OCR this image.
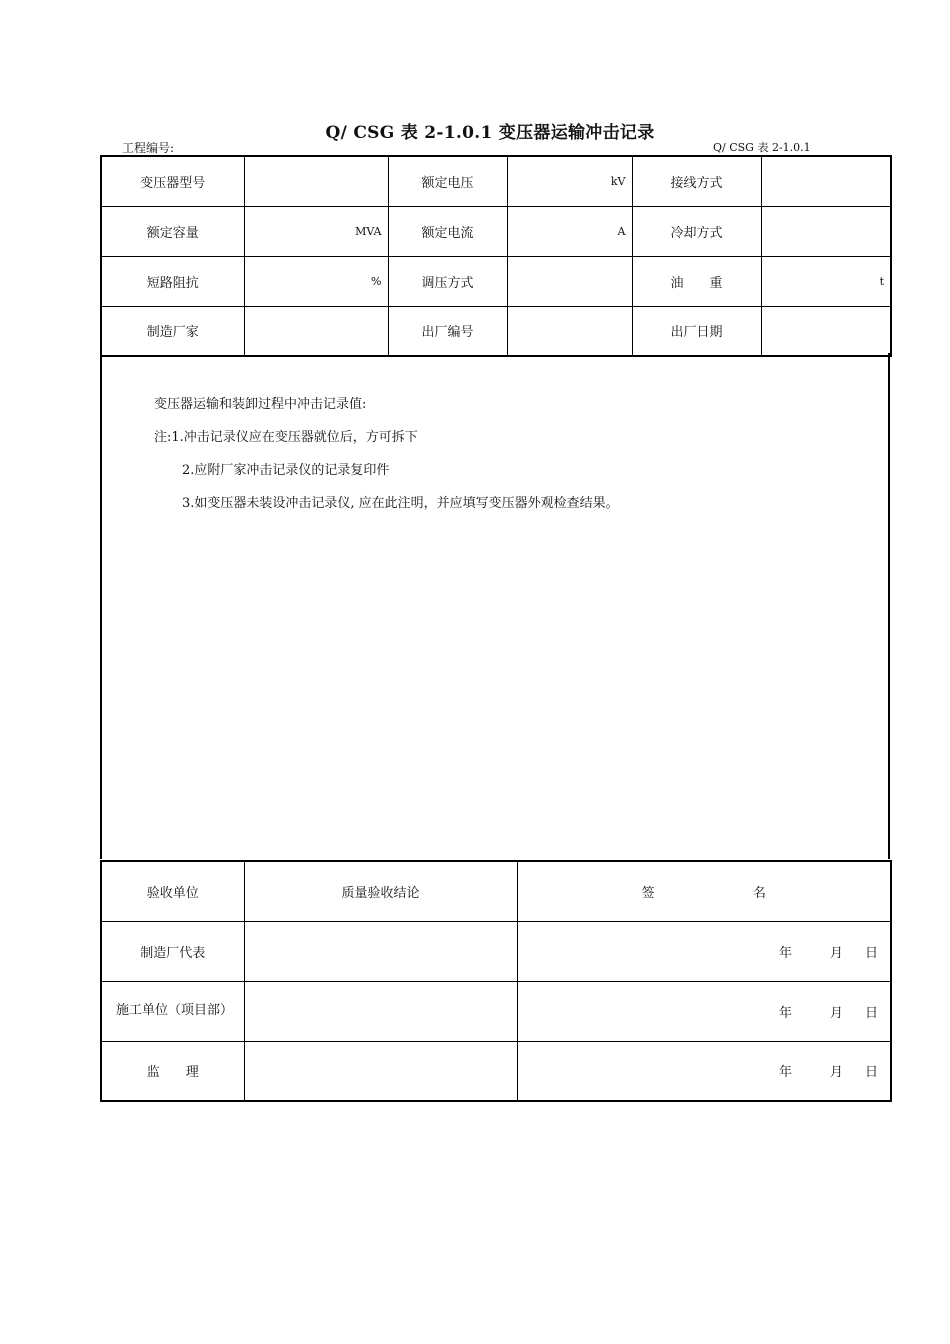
Q/ CSG 表 2-1.0.1 变压器运输冲击记录
工程编号:	Q/ CSG 表 2-1.0.1
变压器型号		额定电压	kV	接线方式	
额定容量	MVA	额定电流	A	冷却方式	
短路阻抗	%	调压方式		油　　重	t
制造厂家		出厂编号		出厂日期	
变压器运输和装卸过程中冲击记录值:
注:1.冲击记录仪应在变压器就位后，方可拆下
2.应附厂家冲击记录仪的记录复印件
3.如变压器未装设冲击记录仪, 应在此注明，并应填写变压器外观检查结果。
验收单位	质量验收结论	签 名
制造厂代表		年 月 日
施工单位（项目部）		年 月 日
监　　理		年 月 日
